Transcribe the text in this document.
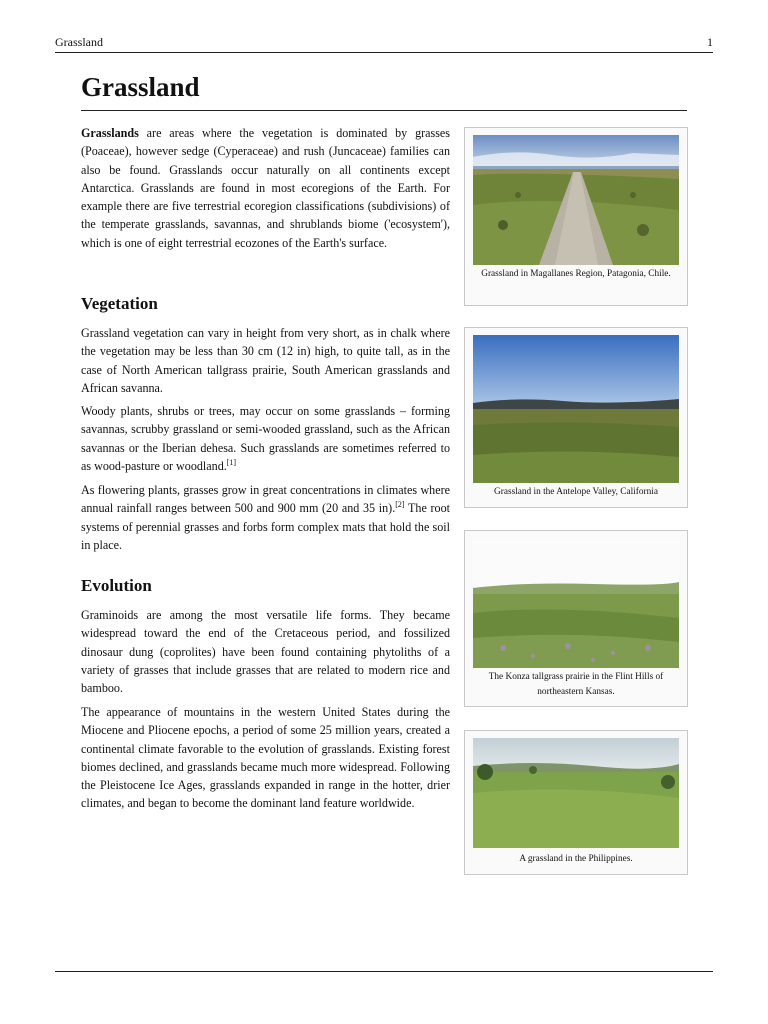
Grassland	1
Grassland

Grasslands are areas where the vegetation is dominated by grasses (Poaceae), however sedge (Cyperaceae) and rush (Juncaceae) families can also be found. Grasslands occur naturally on all continents except Antarctica. Grasslands are found in most ecoregions of the Earth. For example there are five terrestrial ecoregion classifications (subdivisions) of the temperate grasslands, savannas, and shrublands biome ('ecosystem'), which is one of eight terrestrial ecozones of the Earth's surface.

Vegetation

Grassland vegetation can vary in height from very short, as in chalk where the vegetation may be less than 30 cm (12 in) high, to quite tall, as in the case of North American tallgrass prairie, South American grasslands and African savanna.

Woody plants, shrubs or trees, may occur on some grasslands – forming savannas, scrubby grassland or semi-wooded grassland, such as the African savannas or the Iberian dehesa. Such grasslands are sometimes referred to as wood-pasture or woodland.[1]

As flowering plants, grasses grow in great concentrations in climates where annual rainfall ranges between 500 and 900 mm (20 and 35 in).[2] The root systems of perennial grasses and forbs form complex mats that hold the soil in place.

Evolution

Graminoids are among the most versatile life forms. They became widespread toward the end of the Cretaceous period, and fossilized dinosaur dung (coprolites) have been found containing phytoliths of a variety of grasses that include grasses that are related to modern rice and bamboo.

The appearance of mountains in the western United States during the Miocene and Pliocene epochs, a period of some 25 million years, created a continental climate favorable to the evolution of grasslands. Existing forest biomes declined, and grasslands became much more widespread. Following the Pleistocene Ice Ages, grasslands expanded in range in the hotter, drier climates, and began to become the dominant land feature worldwide.

Grassland in Magallanes Region, Patagonia, Chile.
Grassland in the Antelope Valley, California
The Konza tallgrass prairie in the Flint Hills of northeastern Kansas.
A grassland in the Philippines.
